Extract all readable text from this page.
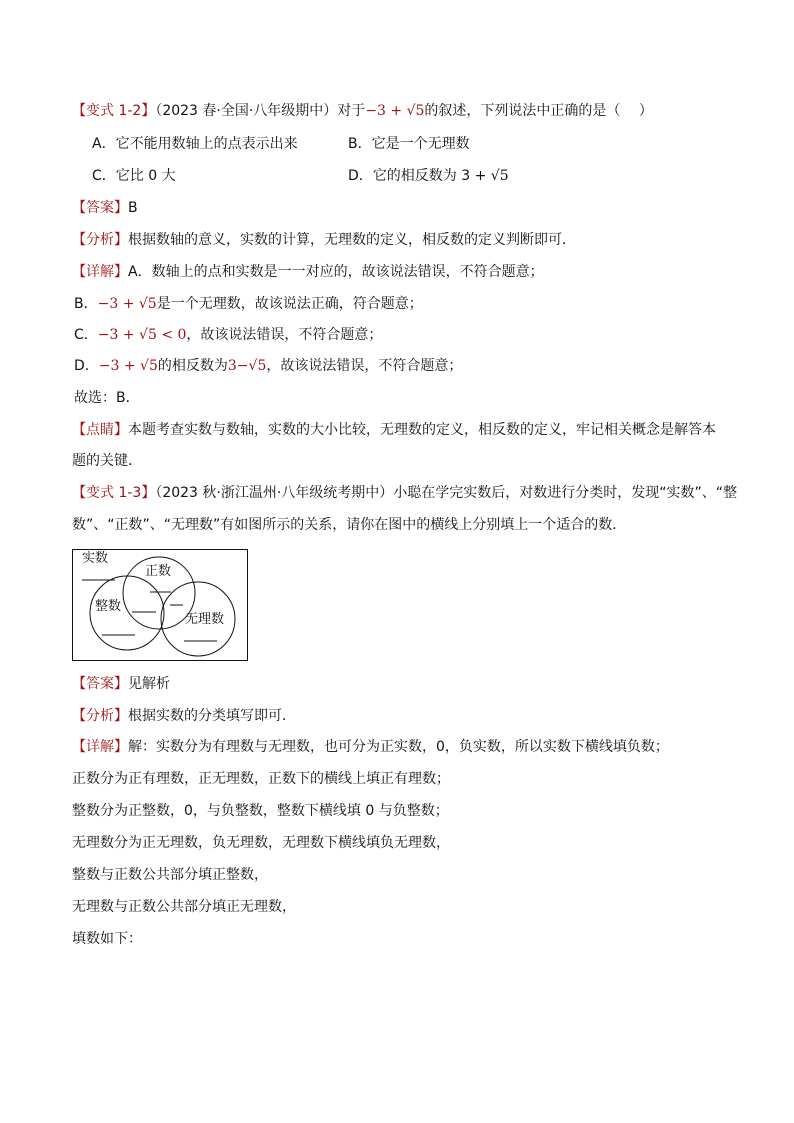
【变式 1-2】（2023 春·全国·八年级期中）对于−3 + √5的叙述，下列说法中正确的是（　 ）
A．它不能用数轴上的点表示出来	B．它是一个无理数
C．它比 0 大	D．它的相反数为 3 + √5
【答案】B
【分析】根据数轴的意义，实数的计算，无理数的定义，相反数的定义判断即可．
【详解】A．数轴上的点和实数是一一对应的，故该说法错误，不符合题意；
B．−3 + √5是一个无理数，故该说法正确，符合题意；
C．−3 + √5 < 0，故该说法错误，不符合题意；
D．−3 + √5的相反数为3−√5，故该说法错误，不符合题意；
故选：B．
【点睛】本题考查实数与数轴，实数的大小比较，无理数的定义，相反数的定义，牢记相关概念是解答本
题的关键．
【变式 1-3】（2023 秋·浙江温州·八年级统考期中）小聪在学完实数后，对数进行分类时，发现“实数”、“整
数”、“正数”、“无理数”有如图所示的关系，请你在图中的横线上分别填上一个适合的数．
实数
正数
整数
无理数
【答案】见解析
【分析】根据实数的分类填写即可．
【详解】解：实数分为有理数与无理数，也可分为正实数，0，负实数，所以实数下横线填负数；
正数分为正有理数，正无理数，正数下的横线上填正有理数；
整数分为正整数，0，与负整数，整数下横线填 0 与负整数；
无理数分为正无理数，负无理数，无理数下横线填负无理数，
整数与正数公共部分填正整数，
无理数与正数公共部分填正无理数，
填数如下：
